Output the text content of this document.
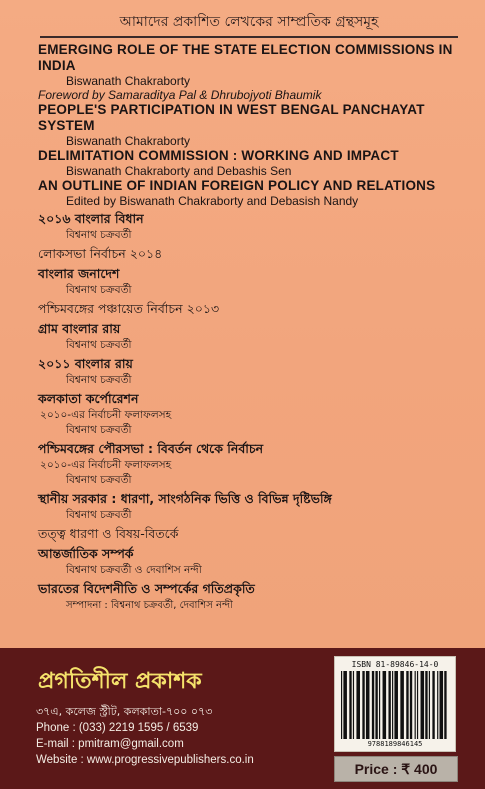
আমাদের প্রকাশিত লেখকের সাম্প্রতিক গ্রন্থসমূহ
EMERGING ROLE OF THE STATE ELECTION COMMISSIONS IN INDIA
Biswanath Chakraborty
Foreword by Samaraditya Pal & Dhrubojyoti Bhaumik
PEOPLE'S PARTICIPATION IN WEST BENGAL PANCHAYAT SYSTEM
Biswanath Chakraborty
DELIMITATION COMMISSION : WORKING AND IMPACT
Biswanath Chakraborty and Debashis Sen
AN OUTLINE OF INDIAN FOREIGN POLICY AND RELATIONS
Edited by Biswanath Chakraborty and Debasish Nandy
২০১৬ বাংলার বিধান
বিশ্বনাথ চক্রবর্তী
লোকসভা নির্বাচন ২০১৪
বাংলার জনাদেশ
বিশ্বনাথ চক্রবর্তী
পশ্চিমবঙ্গের পঞ্চায়েত নির্বাচন ২০১৩
গ্রাম বাংলার রায়
বিশ্বনাথ চক্রবর্তী
২০১১ বাংলার রায়
বিশ্বনাথ চক্রবর্তী
কলকাতা কর্পোরেশন
২০১০-এর নির্বাচনী ফলাফলসহ
বিশ্বনাথ চক্রবর্তী
পশ্চিমবঙ্গের পৌরসভা : বিবর্তন থেকে নির্বাচন
২০১০-এর নির্বাচনী ফলাফলসহ
বিশ্বনাথ চক্রবর্তী
স্থানীয় সরকার : ধারণা, সাংগঠনিক ভিত্তি ও বিভিন্ন দৃষ্টিভঙ্গি
বিশ্বনাথ চক্রবর্তী
তত্ত্ব ধারণা ও বিষয়-বিতর্কে
আন্তর্জাতিক সম্পর্ক
বিশ্বনাথ চক্রবর্তী ও দেবাশিস নন্দী
ভারতের বিদেশনীতি ও সম্পর্কের গতিপ্রকৃতি
সম্পাদনা : বিশ্বনাথ চক্রবর্তী, দেবাশিস নন্দী
প্রগতিশীল প্রকাশক
৩৭এ, কলেজ স্ট্রীট, কলকাতা-৭০০ ০৭৩
Phone : (033) 2219 1595 / 6539
E-mail : pmitram@gmail.com
Website : www.progressivepublishers.co.in
ISBN 81-89846-14-0
9788189846145
Price : ₹ 400
